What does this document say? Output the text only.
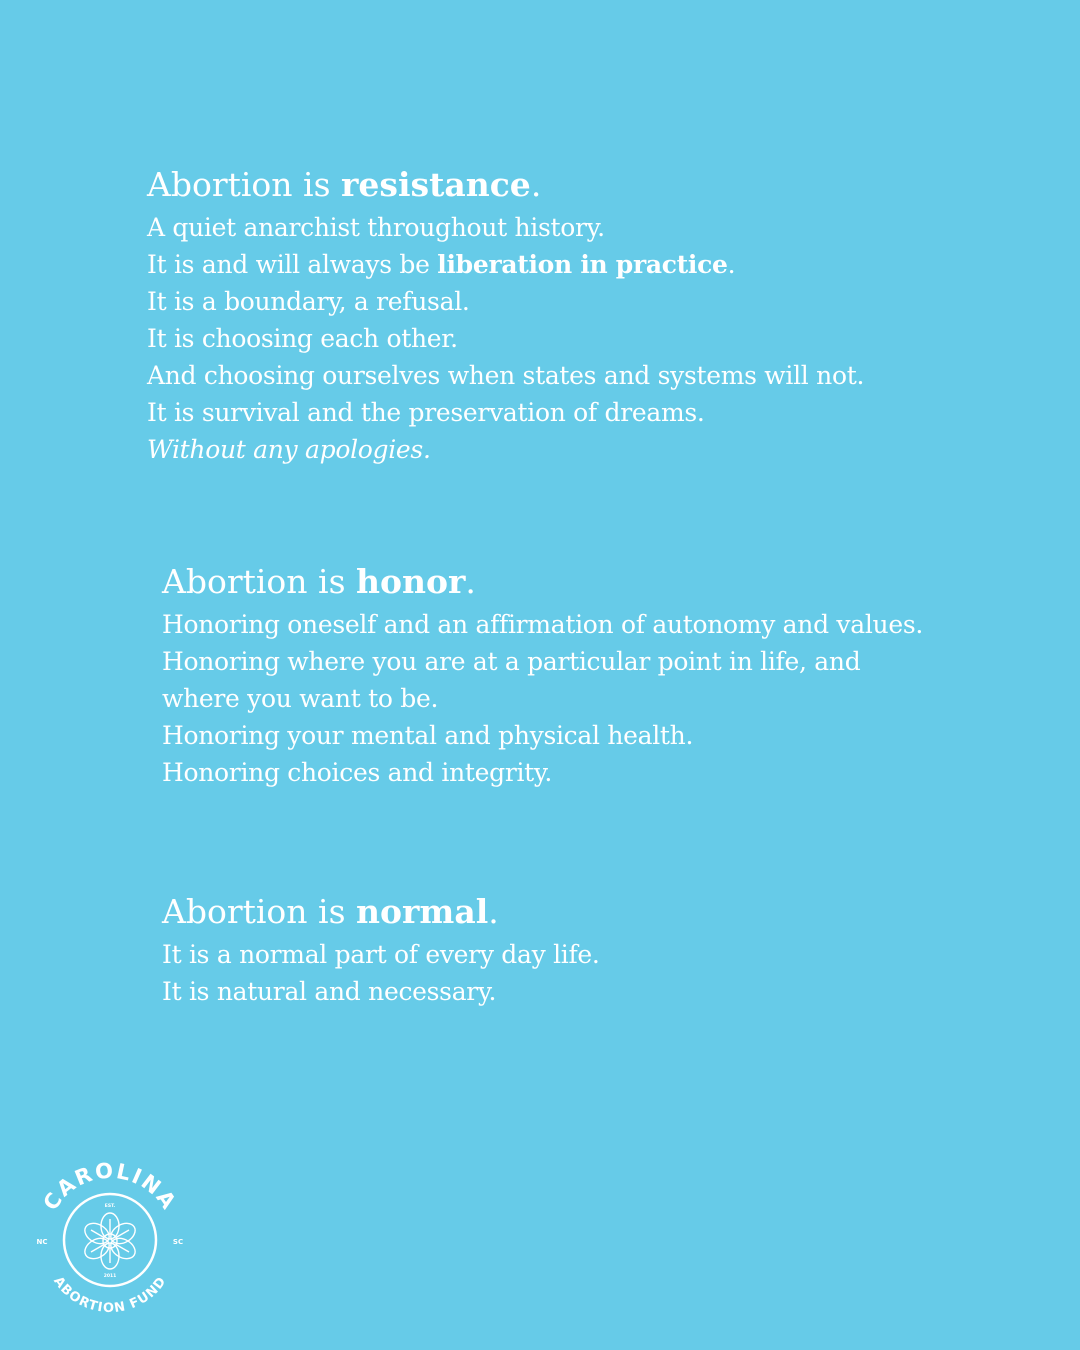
Abortion is resistance.

A quiet anarchist throughout history.

It is and will always be liberation in practice.

It is a boundary, a refusal.

It is choosing each other.

And choosing ourselves when states and systems will not.

It is survival and the preservation of dreams.

Without any apologies.

Abortion is honor.

Honoring oneself and an affirmation of autonomy and values.

Honoring where you are at a particular point in life, and

where you want to be.

Honoring your mental and physical health.

Honoring choices and integrity.

Abortion is normal.

It is a normal part of every day life.

It is natural and necessary.

CAROLINA
ABORTION FUND
NC	SC
EST.
2011
